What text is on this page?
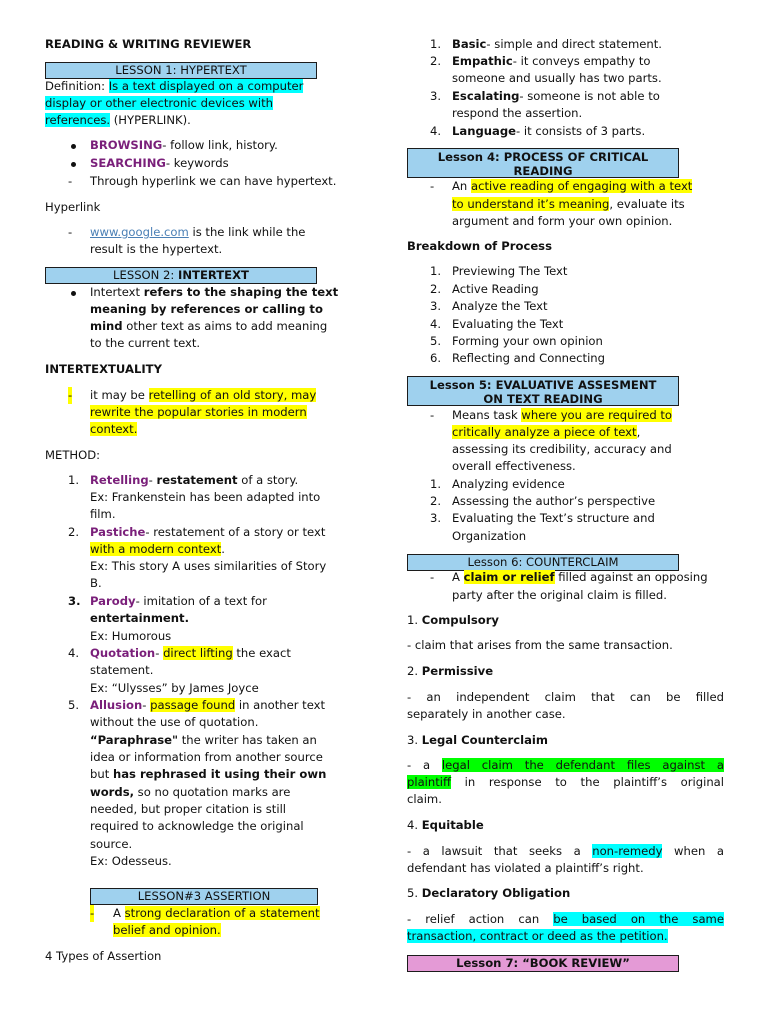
READING & WRITING REVIEWER
LESSON 1: HYPERTEXT
Definition: Is a text displayed on a computer
display or other electronic devices with
references. (HYPERLINK).
BROWSING- follow link, history.
SEARCHING- keywords
- Through hyperlink we can have hypertext.
Hyperlink
- www.google.com is the link while the
result is the hypertext.
LESSON 2: INTERTEXT
Intertext refers to the shaping the text
meaning by references or calling to
mind other text as aims to add meaning
to the current text.
INTERTEXTUALITY
- it may be retelling of an old story, may
rewrite the popular stories in modern
context.
METHOD:
1. Retelling- restatement of a story.
Ex: Frankenstein has been adapted into
film.
2. Pastiche- restatement of a story or text
with a modern context.
Ex: This story A uses similarities of Story
B.
3. Parody- imitation of a text for
entertainment.
Ex: Humorous
4. Quotation- direct lifting the exact
statement.
Ex: “Ulysses” by James Joyce
5. Allusion- passage found in another text
without the use of quotation.
“Paraphrase" the writer has taken an
idea or information from another source
but has rephrased it using their own
words, so no quotation marks are
needed, but proper citation is still
required to acknowledge the original
source.
Ex: Odesseus.
LESSON#3 ASSERTION
- A strong declaration of a statement
belief and opinion.
4 Types of Assertion
1. Basic- simple and direct statement.
2. Empathic- it conveys empathy to
someone and usually has two parts.
3. Escalating- someone is not able to
respond the assertion.
4. Language- it consists of 3 parts.
Lesson 4: PROCESS OF CRITICAL
READING
- An active reading of engaging with a text
to understand it’s meaning, evaluate its
argument and form your own opinion.
Breakdown of Process
1. Previewing The Text
2. Active Reading
3. Analyze the Text
4. Evaluating the Text
5. Forming your own opinion
6. Reflecting and Connecting
Lesson 5: EVALUATIVE ASSESMENT
ON TEXT READING
- Means task where you are required to
critically analyze a piece of text,
assessing its credibility, accuracy and
overall effectiveness.
1. Analyzing evidence
2. Assessing the author’s perspective
3. Evaluating the Text’s structure and
Organization
Lesson 6: COUNTERCLAIM
- A claim or relief filled against an opposing
party after the original claim is filled.
1. Compulsory
- claim that arises from the same transaction.
2. Permissive
- an independent claim that can be filled
separately in another case.
3. Legal Counterclaim
- a legal claim the defendant files against a
plaintiff in response to the plaintiff’s original
claim.
4. Equitable
- a lawsuit that seeks a non-remedy when a
defendant has violated a plaintiff’s right.
5. Declaratory Obligation
- relief action can be based on the same
transaction, contract or deed as the petition.
Lesson 7: “BOOK REVIEW”
